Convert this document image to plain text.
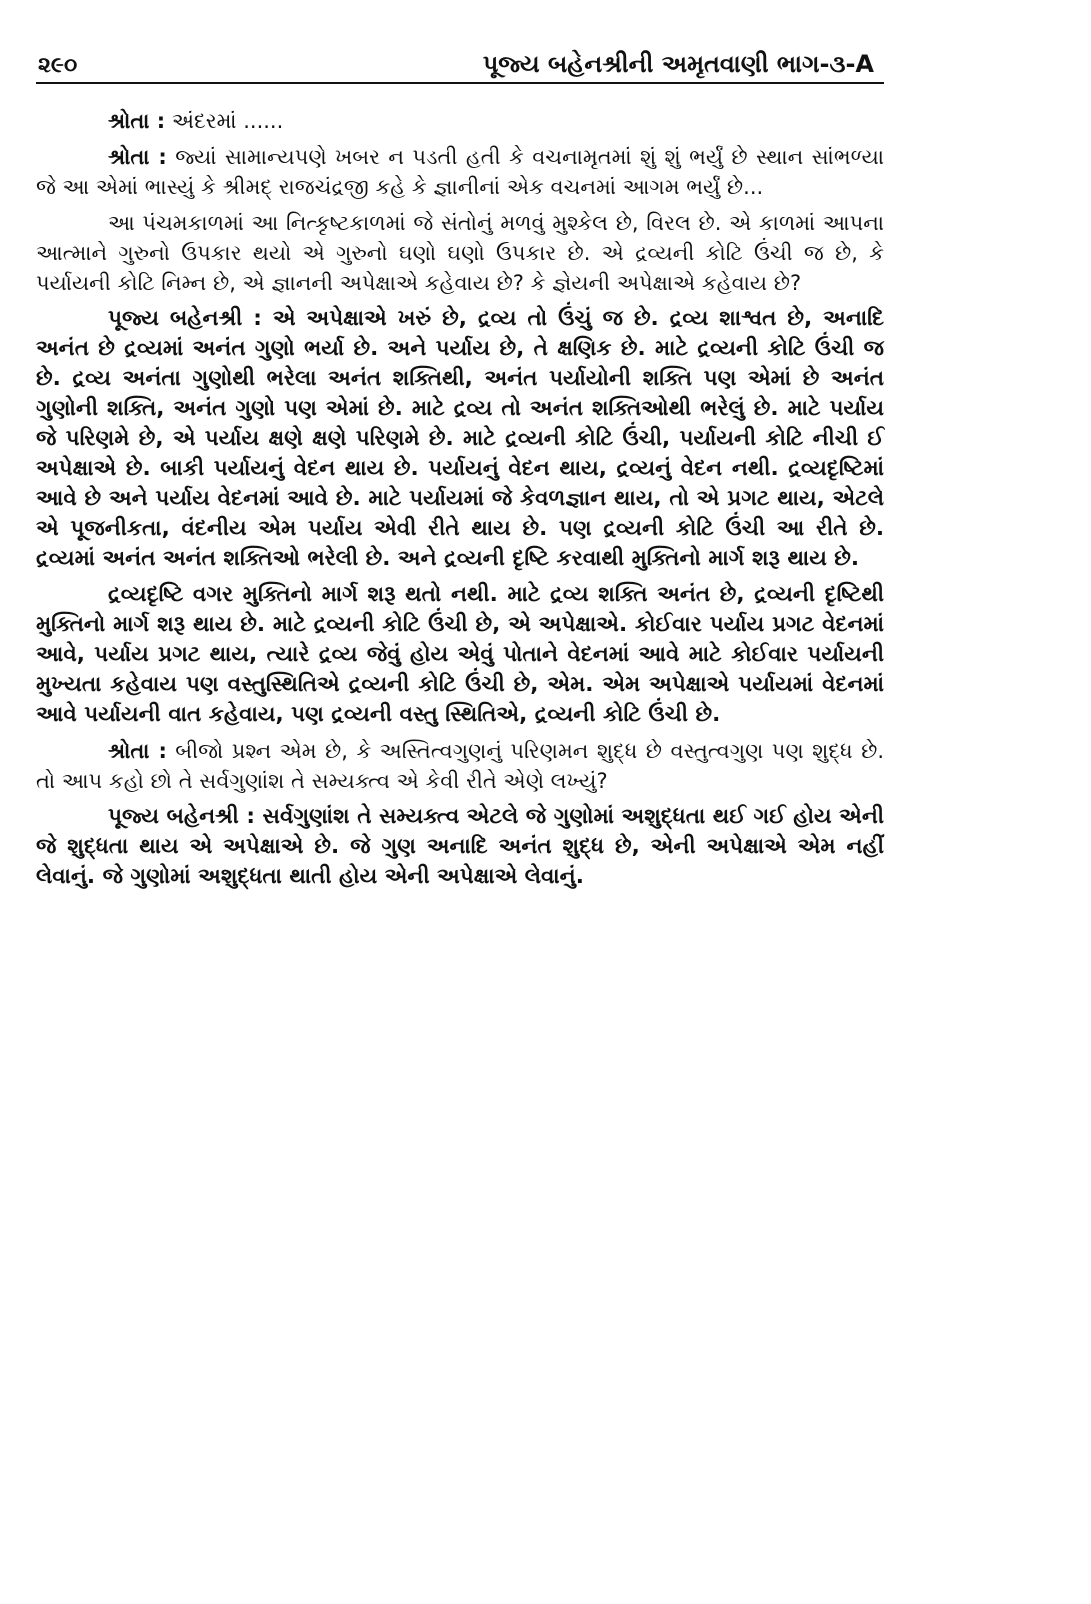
૨૯૦	પૂજ્ય બહેનશ્રીની અમૃતવાણી ભાગ-૩-A

શ્રોતા : અંદરમાં ......

શ્રોતા : જ્યાં સામાન્યપણે ખબર ન પડતી હતી કે વચનામૃતમાં શું શું ભર્યું છે સ્થાન સાંભળ્યા જે આ એમાં ભાસ્યું કે શ્રીમદ્ રાજચંદ્રજી કહે કે જ્ઞાનીનાં એક વચનમાં આગમ ભર્યું છે...

આ પંચમકાળમાં આ નિત્કૃષ્ટકાળમાં જે સંતોનું મળવું મુશ્કેલ છે, વિરલ છે. એ કાળમાં આપના આત્માને ગુરુનો ઉપકાર થયો એ ગુરુનો ઘણો ઘણો ઉપકાર છે. એ દ્રવ્યની કોટિ ઉંચી જ છે, કે પર્યાયની કોટિ નિમ્ન છે, એ જ્ઞાનની અપેક્ષાએ કહેવાય છે? કે જ્ઞેયની અપેક્ષાએ કહેવાય છે?

પૂજ્ય બહેનશ્રી : એ અપેક્ષાએ ખરું છે, દ્રવ્ય તો ઉંચું જ છે. દ્રવ્ય શાશ્વત છે, અનાદિ અનંત છે દ્રવ્યમાં અનંત ગુણો ભર્યા છે. અને પર્યાય છે, તે ક્ષણિક છે. માટે દ્રવ્યની કોટિ ઉંચી જ છે. દ્રવ્ય અનંતા ગુણોથી ભરેલા અનંત શક્તિથી, અનંત પર્યાયોની શક્તિ પણ એમાં છે અનંત ગુણોની શક્તિ, અનંત ગુણો પણ એમાં છે. માટે દ્રવ્ય તો અનંત શક્તિઓથી ભરેલું છે. માટે પર્યાય જે પરિણમે છે, એ પર્યાય ક્ષણે ક્ષણે પરિણમે છે. માટે દ્રવ્યની કોટિ ઉંચી, પર્યાયની કોટિ નીચી ઈ અપેક્ષાએ છે. બાકી પર્યાયનું વેદન થાય છે. પર્યાયનું વેદન થાય, દ્રવ્યનું વેદન નથી. દ્રવ્યદૃષ્ટિમાં આવે છે અને પર્યાય વેદનમાં આવે છે. માટે પર્યાયમાં જે કેવળજ્ઞાન થાય, તો એ પ્રગટ થાય, એટલે એ પૂજનીકતા, વંદનીય એમ પર્યાય એવી રીતે થાય છે. પણ દ્રવ્યની કોટિ ઉંચી આ રીતે છે. દ્રવ્યમાં અનંત અનંત શક્તિઓ ભરેલી છે. અને દ્રવ્યની દૃષ્ટિ કરવાથી મુક્તિનો માર્ગ શરૂ થાય છે.

દ્રવ્યદૃષ્ટિ વગર મુક્તિનો માર્ગ શરૂ થતો નથી. માટે દ્રવ્ય શક્તિ અનંત છે, દ્રવ્યની દૃષ્ટિથી મુક્તિનો માર્ગ શરૂ થાય છે. માટે દ્રવ્યની કોટિ ઉંચી છે, એ અપેક્ષાએ. કોઈવાર પર્યાય પ્રગટ વેદનમાં આવે, પર્યાય પ્રગટ થાય, ત્યારે દ્રવ્ય જેવું હોય એવું પોતાને વેદનમાં આવે માટે કોઈવાર પર્યાયની મુખ્યતા કહેવાય પણ વસ્તુસ્થિતિએ દ્રવ્યની કોટિ ઉંચી છે, એમ. એમ અપેક્ષાએ પર્યાયમાં વેદનમાં આવે પર્યાયની વાત કહેવાય, પણ દ્રવ્યની વસ્તુ સ્થિતિએ, દ્રવ્યની કોટિ ઉંચી છે.

શ્રોતા : બીજો પ્રશ્ન એમ છે, કે અસ્તિત્વગુણનું પરિણમન શુદ્ધ છે વસ્તુત્વગુણ પણ શુદ્ધ છે. તો આપ કહો છો તે સર્વગુણાંશ તે સમ્યક્ત્વ એ કેવી રીતે એણે લખ્યું?

પૂજ્ય બહેનશ્રી : સર્વગુણાંશ તે સમ્યક્ત્વ એટલે જે ગુણોમાં અશુદ્ધતા થઈ ગઈ હોય એની જે શુદ્ધતા થાય એ અપેક્ષાએ છે. જે ગુણ અનાદિ અનંત શુદ્ધ છે, એની અપેક્ષાએ એમ નહીં લેવાનું. જે ગુણોમાં અશુદ્ધતા થાતી હોય એની અપેક્ષાએ લેવાનું.
